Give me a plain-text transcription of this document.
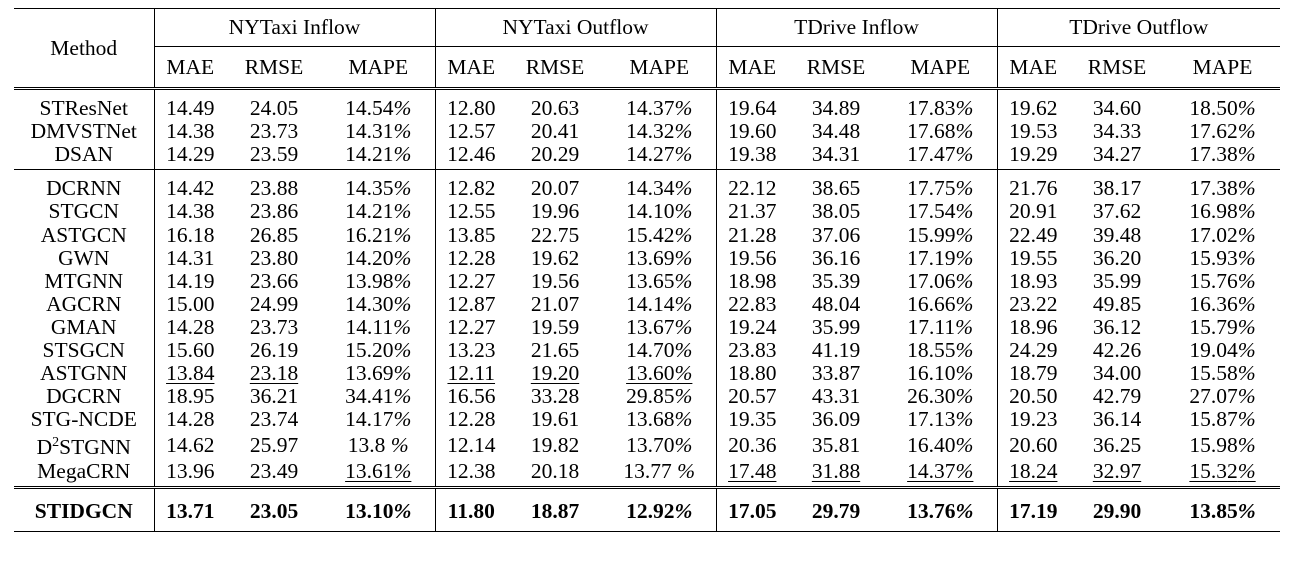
Method	NYTaxi Inflow			NYTaxi Outflow			TDrive Inflow			TDrive Outflow		
	MAE	RMSE	MAPE	MAE	RMSE	MAPE	MAE	RMSE	MAPE	MAE	RMSE	MAPE
STResNet	14.49	24.05	14.54%	12.80	20.63	14.37%	19.64	34.89	17.83%	19.62	34.60	18.50%
DMVSTNet	14.38	23.73	14.31%	12.57	20.41	14.32%	19.60	34.48	17.68%	19.53	34.33	17.62%
DSAN	14.29	23.59	14.21%	12.46	20.29	14.27%	19.38	34.31	17.47%	19.29	34.27	17.38%
DCRNN	14.42	23.88	14.35%	12.82	20.07	14.34%	22.12	38.65	17.75%	21.76	38.17	17.38%
STGCN	14.38	23.86	14.21%	12.55	19.96	14.10%	21.37	38.05	17.54%	20.91	37.62	16.98%
ASTGCN	16.18	26.85	16.21%	13.85	22.75	15.42%	21.28	37.06	15.99%	22.49	39.48	17.02%
GWN	14.31	23.80	14.20%	12.28	19.62	13.69%	19.56	36.16	17.19%	19.55	36.20	15.93%
MTGNN	14.19	23.66	13.98%	12.27	19.56	13.65%	18.98	35.39	17.06%	18.93	35.99	15.76%
AGCRN	15.00	24.99	14.30%	12.87	21.07	14.14%	22.83	48.04	16.66%	23.22	49.85	16.36%
GMAN	14.28	23.73	14.11%	12.27	19.59	13.67%	19.24	35.99	17.11%	18.96	36.12	15.79%
STSGCN	15.60	26.19	15.20%	13.23	21.65	14.70%	23.83	41.19	18.55%	24.29	42.26	19.04%
ASTGNN	13.84	23.18	13.69%	12.11	19.20	13.60%	18.80	33.87	16.10%	18.79	34.00	15.58%
DGCRN	18.95	36.21	34.41%	16.56	33.28	29.85%	20.57	43.31	26.30%	20.50	42.79	27.07%
STG-NCDE	14.28	23.74	14.17%	12.28	19.61	13.68%	19.35	36.09	17.13%	19.23	36.14	15.87%
$D^2STGNN$	14.62	25.97	13.8 %	12.14	19.82	13.70%	20.36	35.81	16.40%	20.60	36.25	15.98%
MegaCRN	13.96	23.49	13.61%	12.38	20.18	13.77 %	17.48	31.88	14.37%	18.24	32.97	15.32%
STIDGCN	13.71	23.05	13.10%	11.80	18.87	12.92%	17.05	29.79	13.76%	17.19	29.90	13.85%
